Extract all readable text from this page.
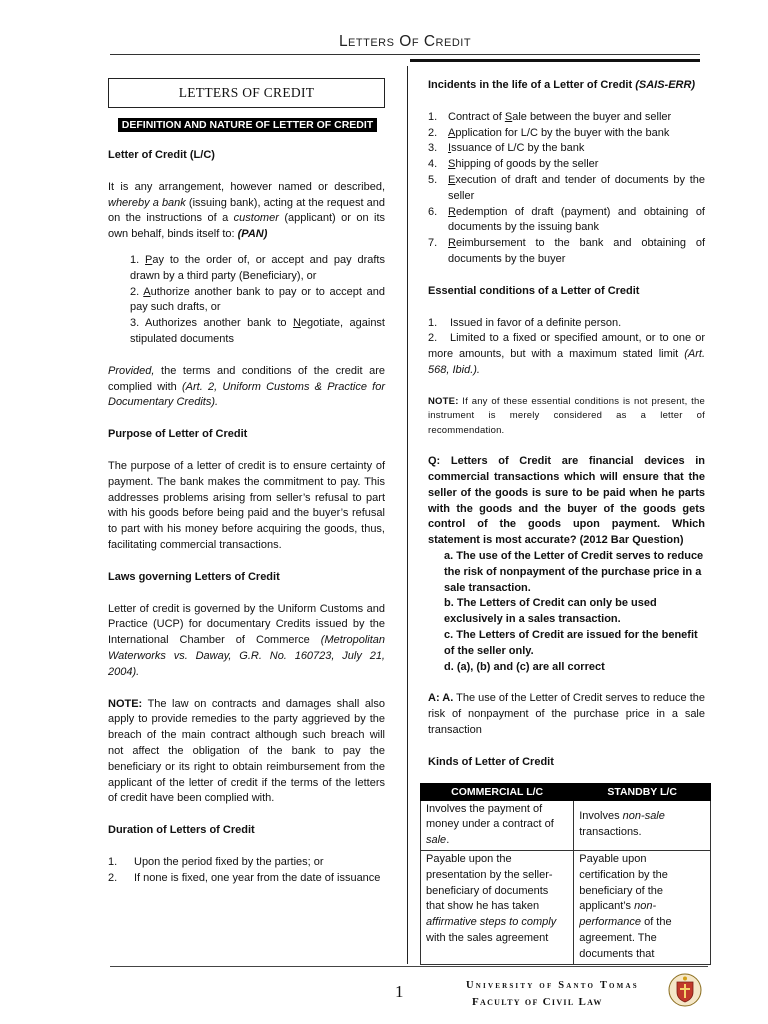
Letters Of Credit
LETTERS OF CREDIT
DEFINITION AND NATURE OF LETTER OF CREDIT
Letter of Credit (L/C)
It is any arrangement, however named or described, whereby a bank (issuing bank), acting at the request and on the instructions of a customer (applicant) or on its own behalf, binds itself to: (PAN)
1. Pay to the order of, or accept and pay drafts drawn by a third party (Beneficiary), or
2. Authorize another bank to pay or to accept and pay such drafts, or
3. Authorizes another bank to Negotiate, against stipulated documents
Provided, the terms and conditions of the credit are complied with (Art. 2, Uniform Customs & Practice for Documentary Credits).
Purpose of Letter of Credit
The purpose of a letter of credit is to ensure certainty of payment. The bank makes the commitment to pay. This addresses problems arising from seller’s refusal to part with his goods before being paid and the buyer’s refusal to part with his money before acquiring the goods, thus, facilitating commercial transactions.
Laws governing Letters of Credit
Letter of credit is governed by the Uniform Customs and Practice (UCP) for documentary Credits issued by the International Chamber of Commerce (Metropolitan Waterworks vs. Daway, G.R. No. 160723, July 21, 2004).
NOTE: The law on contracts and damages shall also apply to provide remedies to the party aggrieved by the breach of the main contract although such breach will not affect the obligation of the bank to pay the beneficiary or its right to obtain reimbursement from the applicant of the letter of credit if the terms of the letters of credit have been complied with.
Duration of Letters of Credit
1.	Upon the period fixed by the parties; or
2.	If none is fixed, one year from the date of issuance
Incidents in the life of a Letter of Credit (SAIS-ERR)
1. Contract of Sale between the buyer and seller
2. Application for L/C by the buyer with the bank
3. Issuance of L/C by the bank
4. Shipping of goods by the seller
5. Execution of draft and tender of documents by the seller
6. Redemption of draft (payment) and obtaining of documents by the issuing bank
7. Reimbursement to the bank and obtaining of documents by the buyer
Essential conditions of a Letter of Credit
1. Issued in favor of a definite person.
2. Limited to a fixed or specified amount, or to one or more amounts, but with a maximum stated limit (Art. 568, Ibid.).
NOTE: If any of these essential conditions is not present, the instrument is merely considered as a letter of recommendation.
Q: Letters of Credit are financial devices in commercial transactions which will ensure that the seller of the goods is sure to be paid when he parts with the goods and the buyer of the goods gets control of the goods upon payment. Which statement is most accurate? (2012 Bar Question)
a. The use of the Letter of Credit serves to reduce the risk of nonpayment of the purchase price in a sale transaction.
b. The Letters of Credit can only be used exclusively in a sales transaction.
c. The Letters of Credit are issued for the benefit of the seller only.
d. (a), (b) and (c) are all correct
A: A. The use of the Letter of Credit serves to reduce the risk of nonpayment of the purchase price in a sale transaction
Kinds of Letter of Credit
COMMERCIAL L/C	STANDBY L/C
Involves the payment of money under a contract of sale.	Involves non-sale transactions.
Payable upon the presentation by the seller-beneficiary of documents that show he has taken affirmative steps to comply with the sales agreement	Payable upon certification by the beneficiary of the applicant’s non-performance of the agreement. The documents that
1	University of Santo Tomas
Faculty of Civil Law
